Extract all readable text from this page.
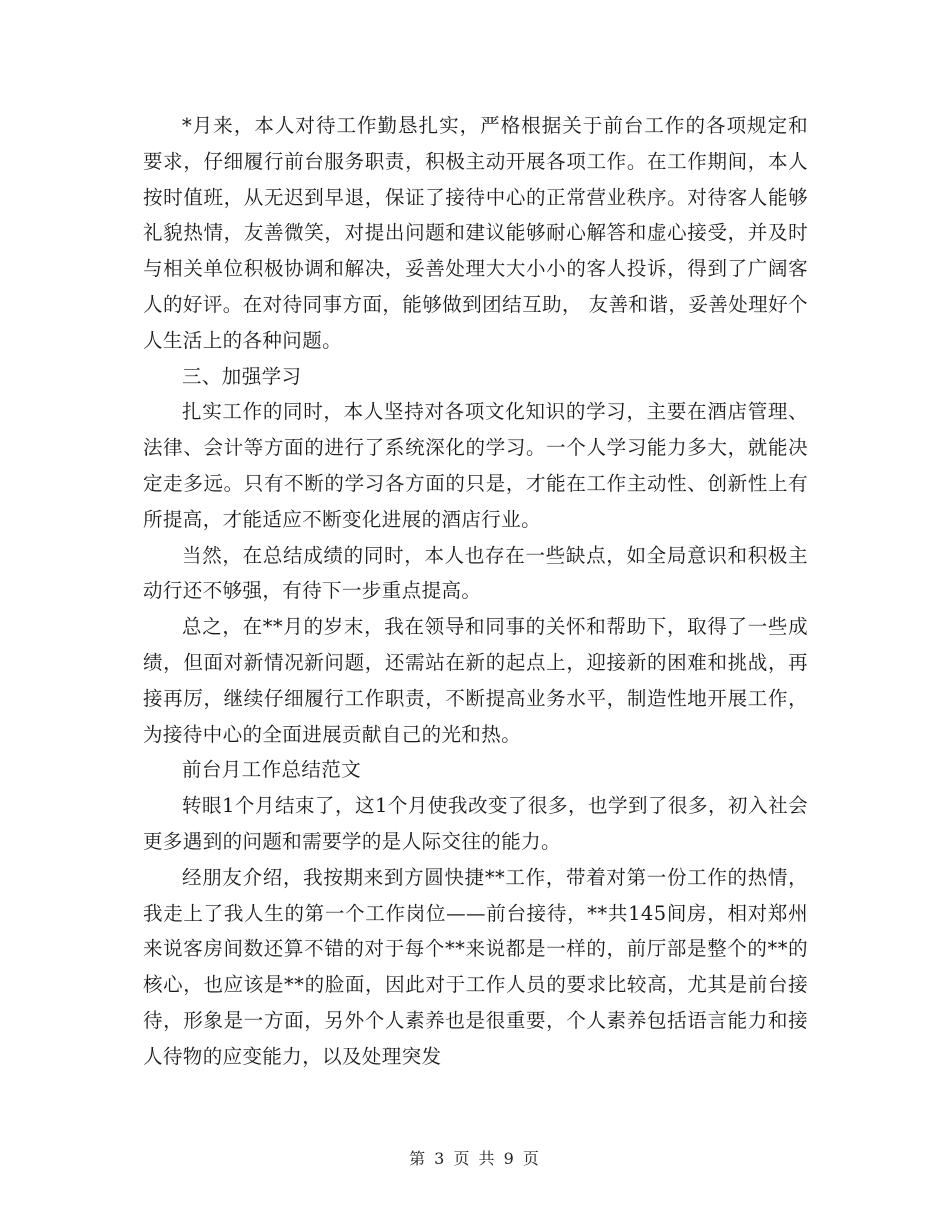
*月来，本人对待工作勤恳扎实，严格根据关于前台工作的各项规定和要求，仔细履行前台服务职责，积极主动开展各项工作。在工作期间，本人按时值班，从无迟到早退，保证了接待中心的正常营业秩序。对待客人能够礼貌热情，友善微笑，对提出问题和建议能够耐心解答和虚心接受，并及时与相关单位积极协调和解决，妥善处理大大小小的客人投诉，得到了广阔客人的好评。在对待同事方面，能够做到团结互助， 友善和谐，妥善处理好个人生活上的各种问题。

三、加强学习

扎实工作的同时，本人坚持对各项文化知识的学习，主要在酒店管理、法律、会计等方面的进行了系统深化的学习。一个人学习能力多大，就能决定走多远。只有不断的学习各方面的只是，才能在工作主动性、创新性上有所提高，才能适应不断变化进展的酒店行业。

当然，在总结成绩的同时，本人也存在一些缺点，如全局意识和积极主动行还不够强，有待下一步重点提高。

总之，在**月的岁末，我在领导和同事的关怀和帮助下，取得了一些成绩，但面对新情况新问题，还需站在新的起点上，迎接新的困难和挑战，再接再厉，继续仔细履行工作职责，不断提高业务水平，制造性地开展工作，为接待中心的全面进展贡献自己的光和热。

前台月工作总结范文

转眼1个月结束了，这1个月使我改变了很多，也学到了很多，初入社会更多遇到的问题和需要学的是人际交往的能力。

经朋友介绍，我按期来到方圆快捷**工作，带着对第一份工作的热情，我走上了我人生的第一个工作岗位——前台接待，**共145间房，相对郑州来说客房间数还算不错的对于每个**来说都是一样的，前厅部是整个的**的核心，也应该是**的脸面，因此对于工作人员的要求比较高，尤其是前台接待，形象是一方面，另外个人素养也是很重要，个人素养包括语言能力和接人待物的应变能力，以及处理突发

第 3 页 共 9 页
